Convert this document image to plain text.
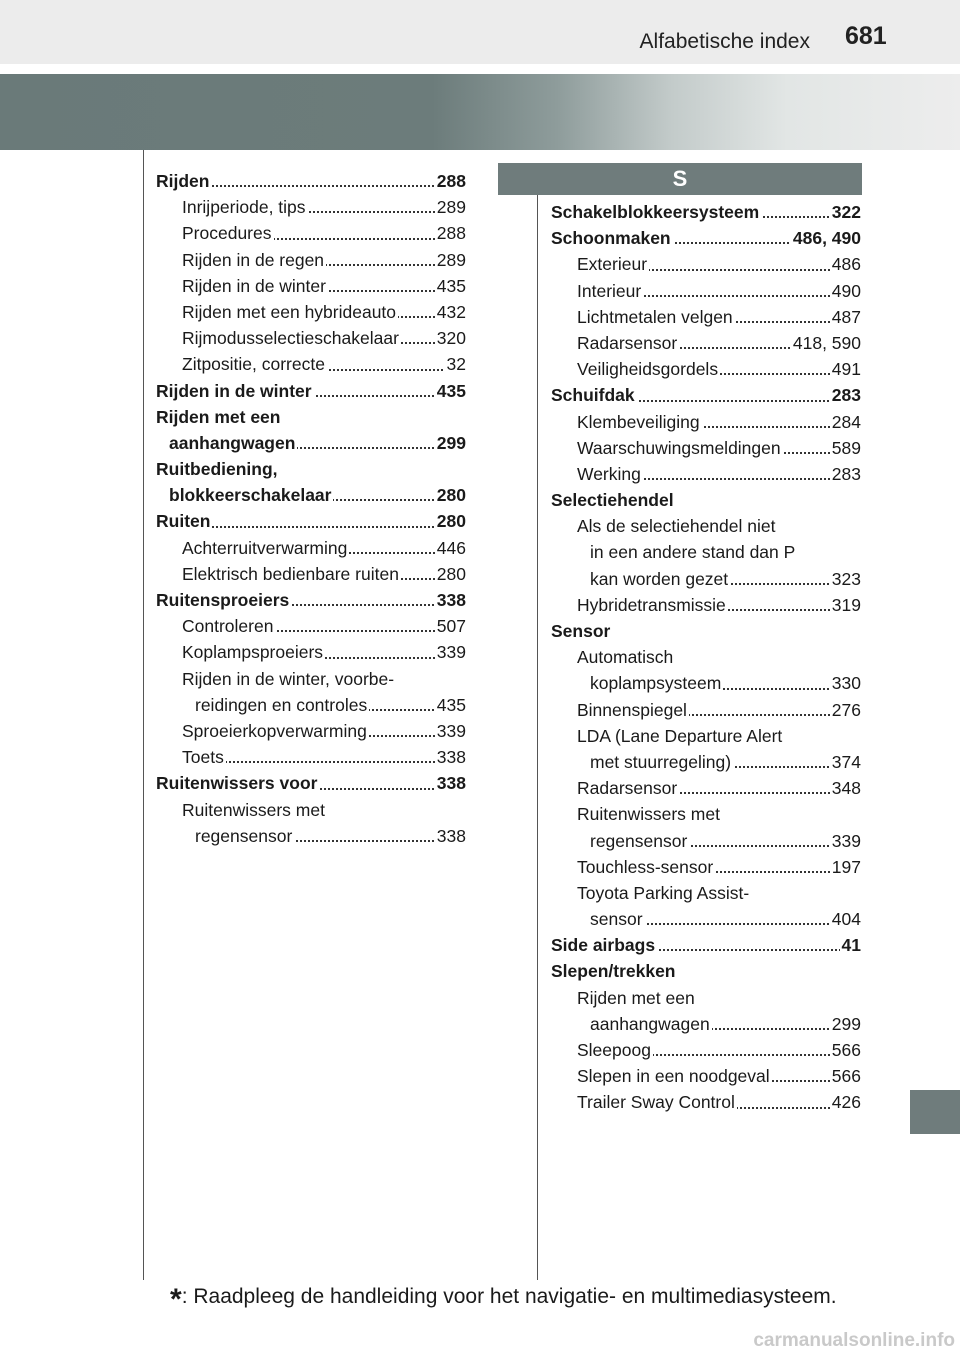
Alfabetische index 681
S
Rijden	288
Inrijperiode, tips	289
Procedures	288
Rijden in de regen	289
Rijden in de winter	435
Rijden met een hybrideauto 432
Rijmodusselectieschakelaar 320
Zitpositie, correcte	32
Rijden in de winter	435
Rijden met een
aanhangwagen	299
Ruitbediening,
blokkeerschakelaar	280
Ruiten	280
Achterruitverwarming	446
Elektrisch bedienbare ruiten 280
Ruitensproeiers	338
Controleren	507
Koplampsproeiers	339
Rijden in de winter, voorbe-
reidingen en controles	435
Sproeierkopverwarming	339
Toets	338
Ruitenwissers voor	338
Ruitenwissers met
regensensor	338
Schakelblokkeersysteem	322
Schoonmaken	486, 490
Exterieur	486
Interieur	490
Lichtmetalen velgen	487
Radarsensor	418, 590
Veiligheidsgordels	491
Schuifdak	283
Klembeveiliging	284
Waarschuwingsmeldingen	589
Werking	283
Selectiehendel
Als de selectiehendel niet
in een andere stand dan P
kan worden gezet	323
Hybridetransmissie	319
Sensor
Automatisch
koplampsysteem	330
Binnenspiegel	276
LDA (Lane Departure Alert
met stuurregeling)	374
Radarsensor	348
Ruitenwissers met
regensensor	339
Touchless-sensor	197
Toyota Parking Assist-
sensor	404
Side airbags	41
Slepen/trekken
Rijden met een
aanhangwagen	299
Sleepoog	566
Slepen in een noodgeval	566
Trailer Sway Control	426
*: Raadpleeg de handleiding voor het navigatie- en multimediasysteem.
carmanualsonline.info
